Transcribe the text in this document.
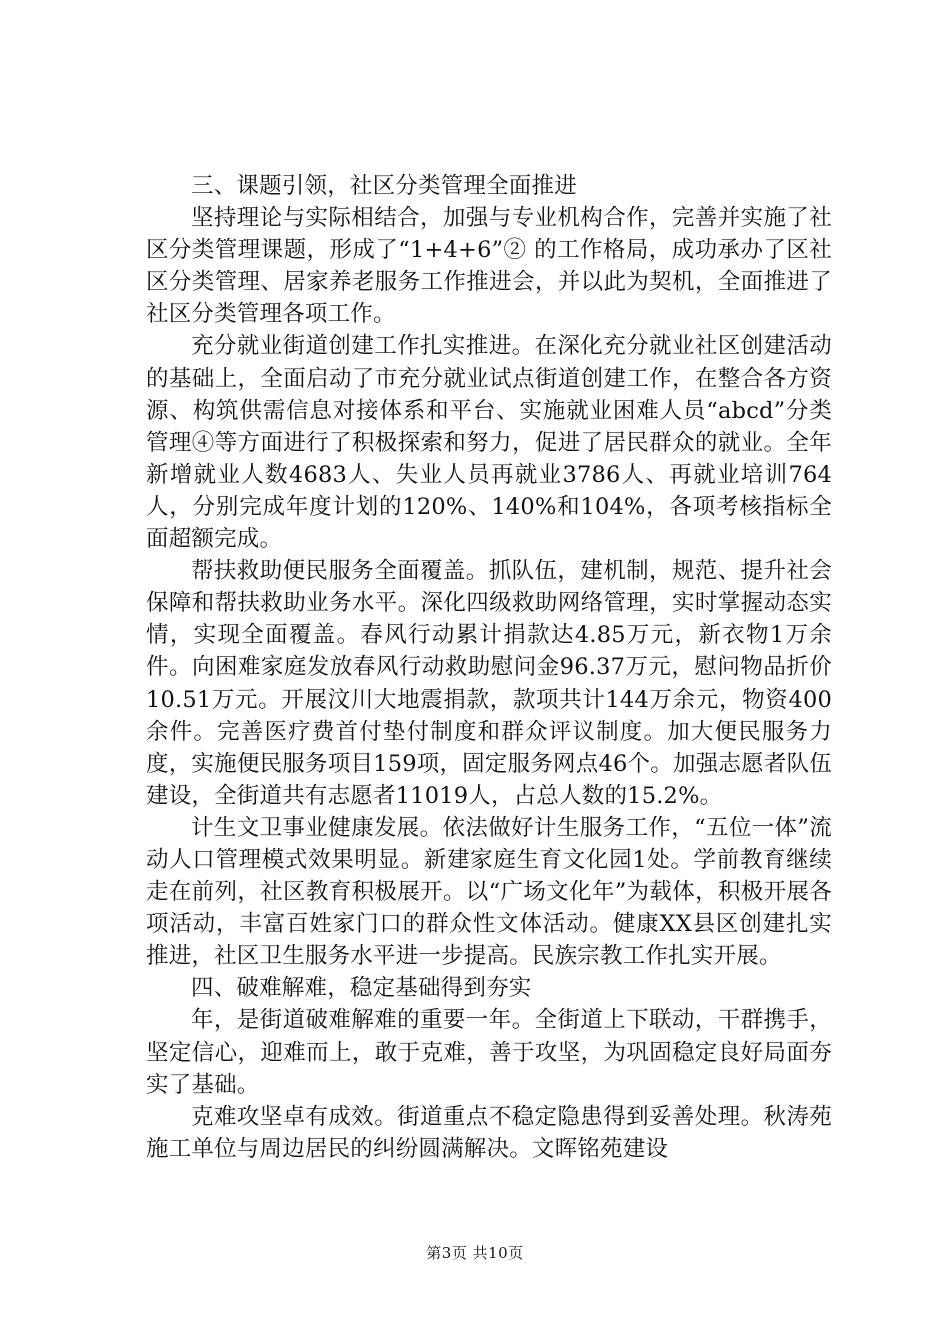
三、课题引领，社区分类管理全面推进

坚持理论与实际相结合，加强与专业机构合作，完善并实施了社区分类管理课题，形成了“1+4+6”② 的工作格局，成功承办了区社区分类管理、居家养老服务工作推进会，并以此为契机，全面推进了社区分类管理各项工作。

充分就业街道创建工作扎实推进。在深化充分就业社区创建活动的基础上，全面启动了市充分就业试点街道创建工作，在整合各方资源、构筑供需信息对接体系和平台、实施就业困难人员“abcd”分类管理④等方面进行了积极探索和努力，促进了居民群众的就业。全年新增就业人数4683人、失业人员再就业3786人、再就业培训764人，分别完成年度计划的120%、140%和104%，各项考核指标全面超额完成。

帮扶救助便民服务全面覆盖。抓队伍，建机制，规范、提升社会保障和帮扶救助业务水平。深化四级救助网络管理，实时掌握动态实情，实现全面覆盖。春风行动累计捐款达4.85万元，新衣物1万余件。向困难家庭发放春风行动救助慰问金96.37万元，慰问物品折价10.51万元。开展汶川大地震捐款，款项共计144万余元，物资400余件。完善医疗费首付垫付制度和群众评议制度。加大便民服务力度，实施便民服务项目159项，固定服务网点46个。加强志愿者队伍建设，全街道共有志愿者11019人，占总人数的15.2%。

计生文卫事业健康发展。依法做好计生服务工作，“五位一体”流动人口管理模式效果明显。新建家庭生育文化园1处。学前教育继续走在前列，社区教育积极展开。以“广场文化年”为载体，积极开展各项活动，丰富百姓家门口的群众性文体活动。健康XX县区创建扎实推进，社区卫生服务水平进一步提高。民族宗教工作扎实开展。

四、破难解难，稳定基础得到夯实

年，是街道破难解难的重要一年。全街道上下联动，干群携手，坚定信心，迎难而上，敢于克难，善于攻坚，为巩固稳定良好局面夯实了基础。

克难攻坚卓有成效。街道重点不稳定隐患得到妥善处理。秋涛苑施工单位与周边居民的纠纷圆满解决。文晖铭苑建设

第3页 共10页
